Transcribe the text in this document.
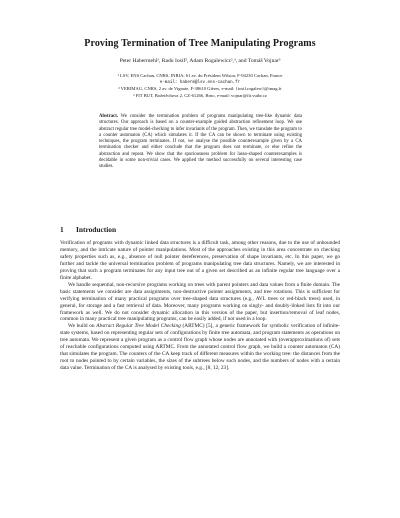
Proving Termination of Tree Manipulating Programs
Peter Habermehl¹, Radu Iosif², Adam Rogalewicz²,³, and Tomáš Vojnar³
¹ LSV, ENS Cachan, CNRS, INRIA; 61 av. du Président Wilson, F-94230 Cachan, France
e-mail: haberm@lsv.ens-cachan.fr
² VERIMAG, CNRS, 2 av. de Vignate, F-38610 Gières, e-mail: {iosif,rogalew}@imag.fr
³ FIT BUT, Božetěchova 2, CZ-61266, Brno, e-mail: vojnar@fit.vutbr.cz
Abstract. We consider the termination problem of programs manipulating tree-like dynamic data structures. Our approach is based on a counter-example guided abstraction refinement loop. We use abstract regular tree model-checking to infer invariants of the program. Then, we translate the program to a counter automaton (CA) which simulates it. If the CA can be shown to terminate using existing techniques, the program terminates. If not, we analyse the possible counterexample given by a CA termination checker and either conclude that the program does not terminate, or else refine the abstraction and repeat. We show that the spuriousness problem for lasso-shaped counterexamples is decidable in some non-trivial cases. We applied the method successfully on several interesting case studies.
1 Introduction

Verification of programs with dynamic linked data structures is a difficult task, among other reasons, due to the use of unbounded memory, and the intricate nature of pointer manipulations. Most of the approaches existing in this area concentrate on checking safety properties such as, e.g., absence of null pointer dereferences, preservation of shape invariants, etc. In this paper, we go further and tackle the universal termination problem of programs manipulating tree data structures. Namely, we are interested in proving that such a program terminates for any input tree out of a given set described as an infinite regular tree language over a finite alphabet.

We handle sequential, non-recursive programs working on trees with parent pointers and data values from a finite domain. The basic statements we consider are data assignments, non-destructive pointer assignments, and tree rotations. This is sufficient for verifying termination of many practical programs over tree-shaped data structures (e.g., AVL trees or red-black trees) used, in general, for storage and a fast retrieval of data. Moreover, many programs working on singly- and doubly-linked lists fit into our framework as well. We do not consider dynamic allocation in this version of the paper, but insertion/removal of leaf nodes, common in many practical tree manipulating programs, can be easily added, if not used in a loop.

We build on Abstract Regular Tree Model Checking (ARTMC) [5], a generic framework for symbolic verification of infinite-state systems, based on representing regular sets of configurations by finite tree automata, and program statements as operations on tree automata. We represent a given program as a control flow graph whose nodes are annotated with (overapproximations of) sets of reachable configurations computed using ARTMC. From the annotated control flow graph, we build a counter automaton (CA) that simulates the program. The counters of the CA keep track of different measures within the working tree: the distances from the root to nodes pointed to by certain variables, the sizes of the subtrees below such nodes, and the numbers of nodes with a certain data value. Termination of the CA is analysed by existing tools, e.g., [8, 12, 23].
